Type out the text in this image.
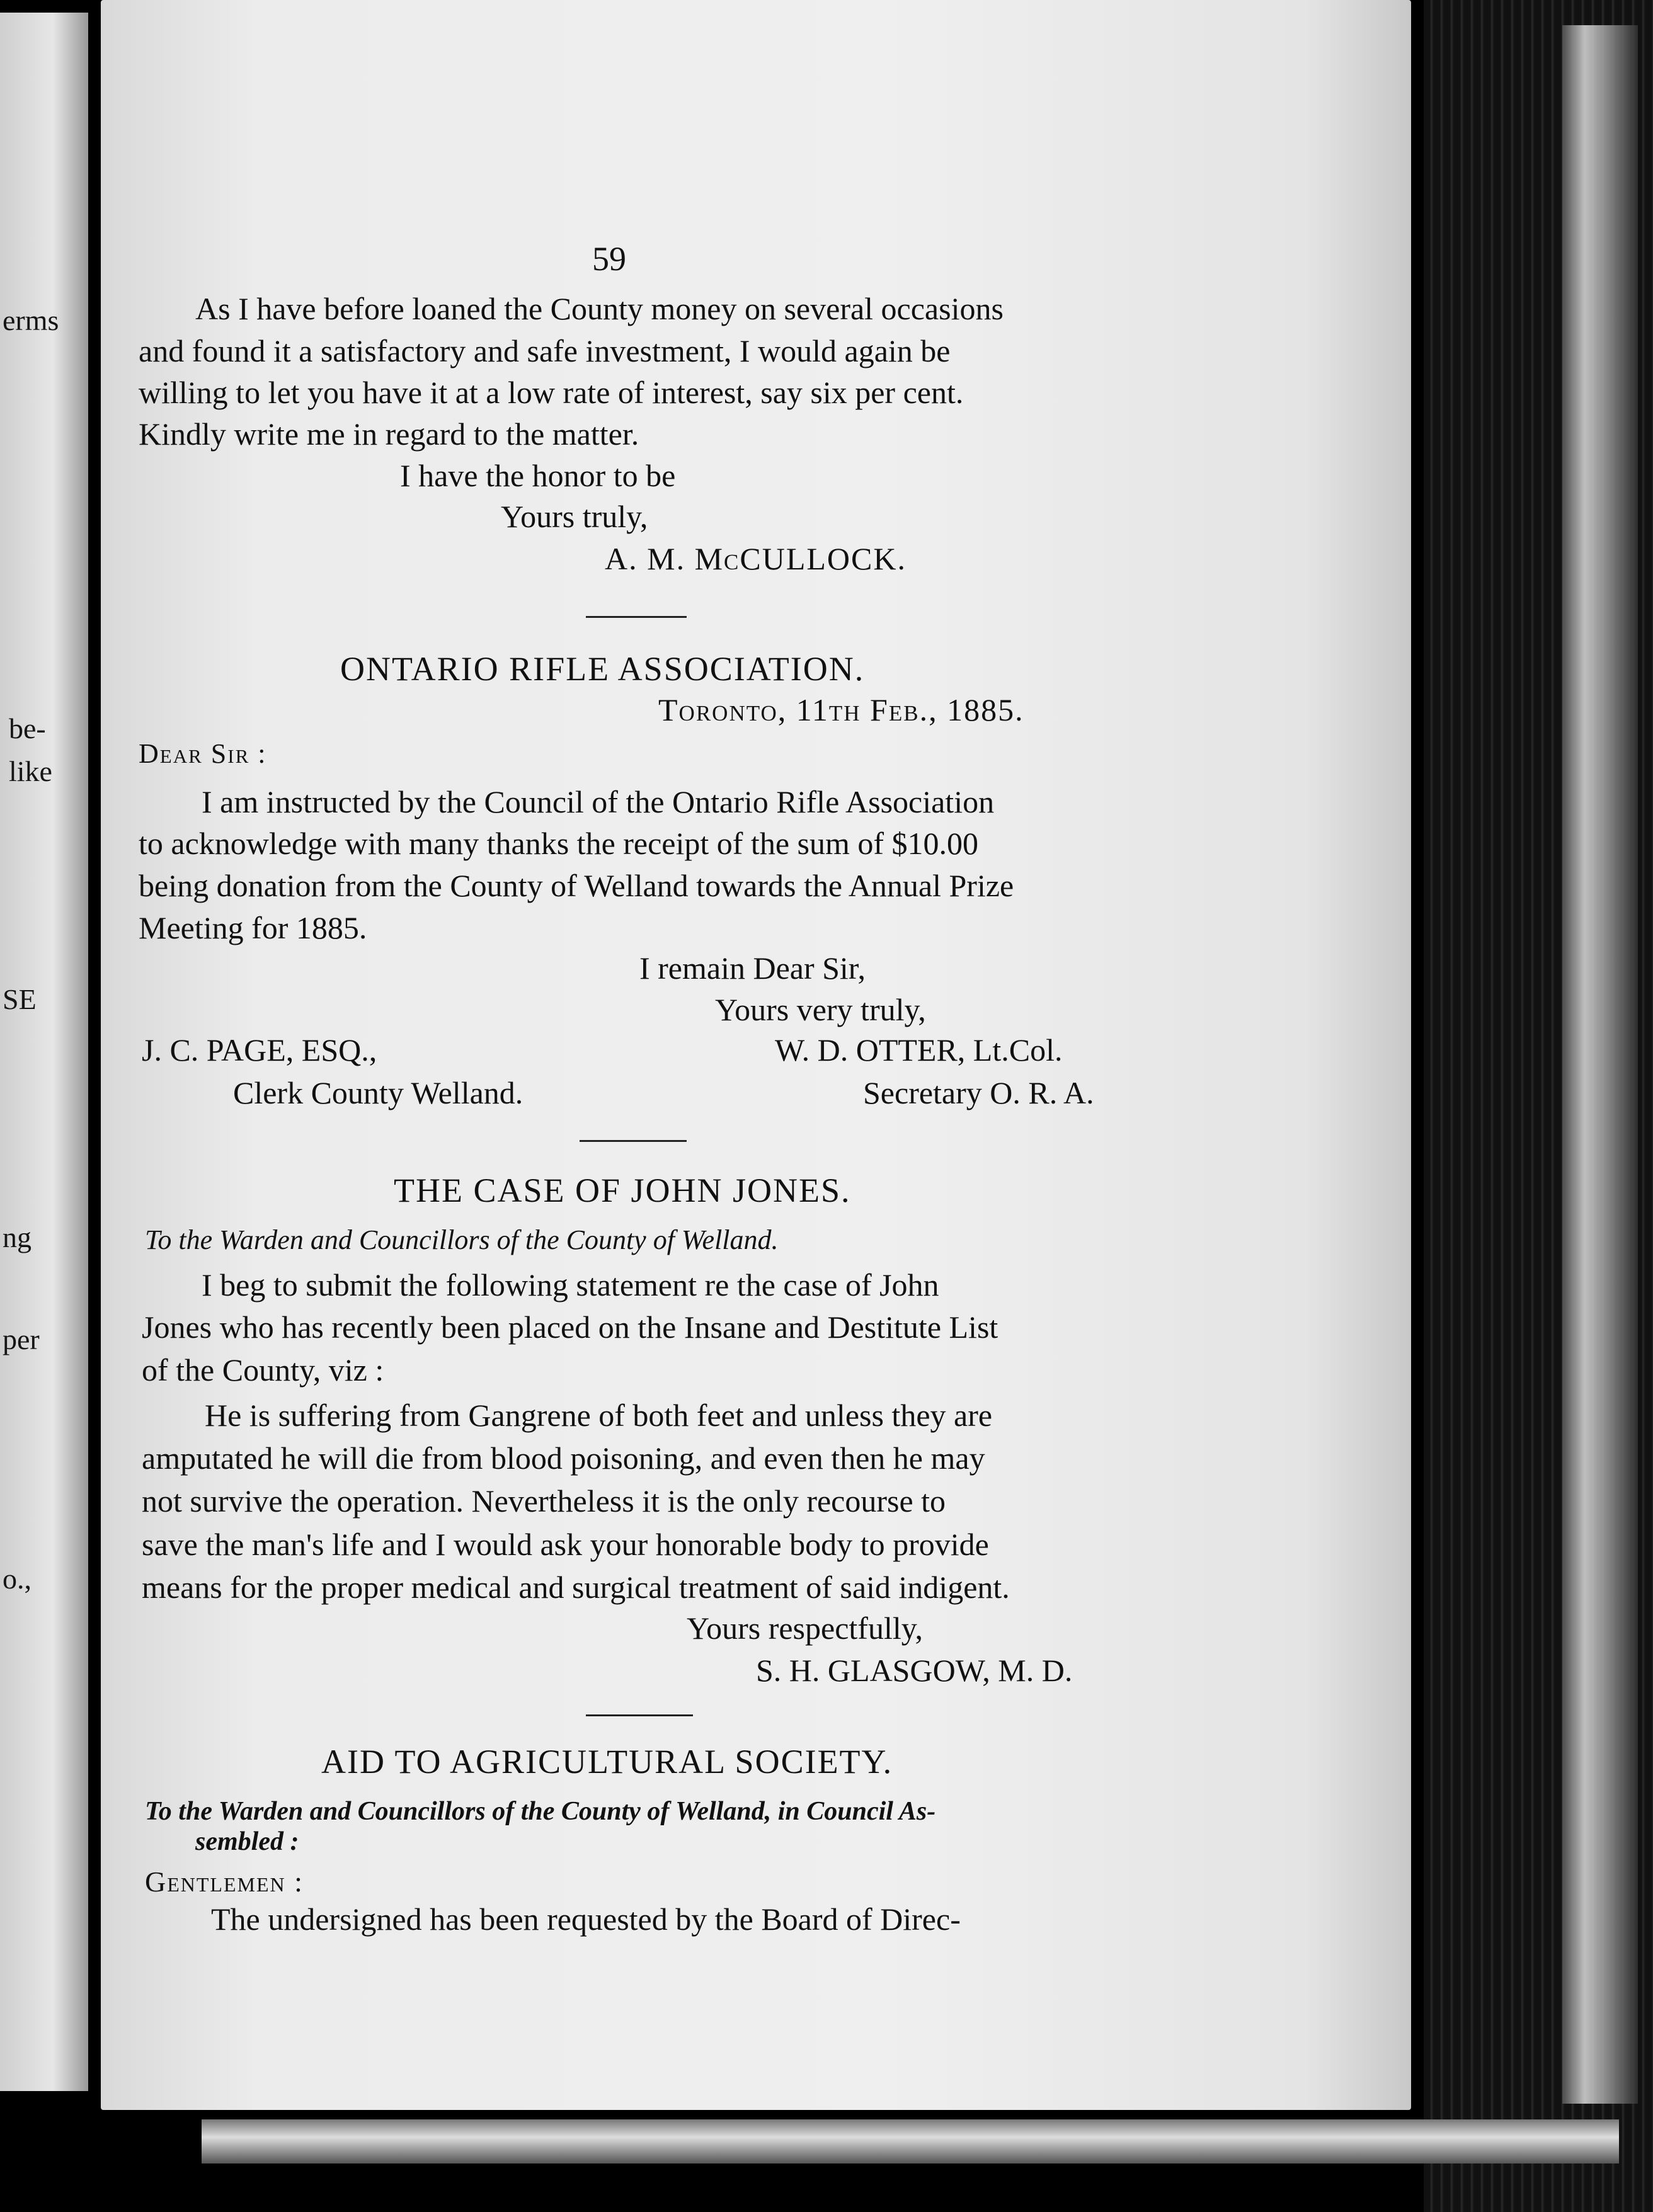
erms
be-
like
SE
ng
per
o.,
59
As I have before loaned the County money on several occasions
and found it a satisfactory and safe investment, I would again be
willing to let you have it at a low rate of interest, say six per cent.
Kindly write me in regard to the matter.
I have the honor to be
Yours truly,
A. M. McCULLOCK.
ONTARIO RIFLE ASSOCIATION.
Toronto, 11th Feb., 1885.
Dear Sir :
I am instructed by the Council of the Ontario Rifle Association
to acknowledge with many thanks the receipt of the sum of $10.00
being donation from the County of Welland towards the Annual Prize
Meeting for 1885.
I remain Dear Sir,
Yours very truly,
J. C. PAGE, ESQ.,	W. D. OTTER, Lt.Col.
Clerk County Welland.	Secretary O. R. A.
THE CASE OF JOHN JONES.
To the Warden and Councillors of the County of Welland.
I beg to submit the following statement re the case of John
Jones who has recently been placed on the Insane and Destitute List
of the County, viz :
He is suffering from Gangrene of both feet and unless they are
amputated he will die from blood poisoning, and even then he may
not survive the operation. Nevertheless it is the only recourse to
save the man's life and I would ask your honorable body to provide
means for the proper medical and surgical treatment of said indigent.
Yours respectfully,
S. H. GLASGOW, M. D.
AID TO AGRICULTURAL SOCIETY.
To the Warden and Councillors of the County of Welland, in Council As-
sembled :
Gentlemen :
The undersigned has been requested by the Board of Direc-
